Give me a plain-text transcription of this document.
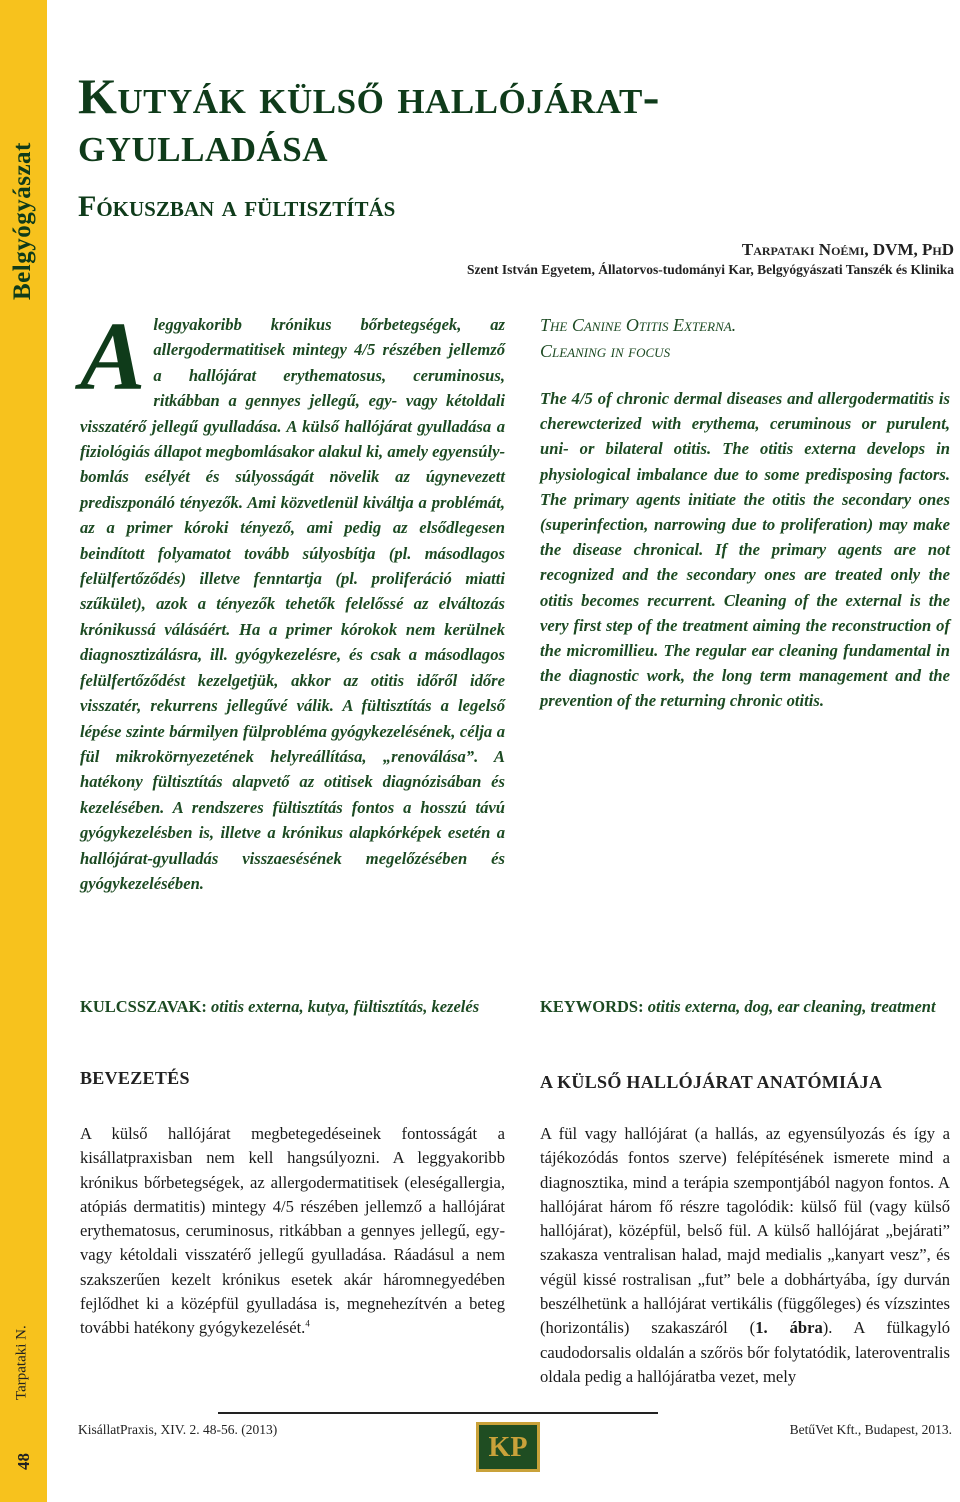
Belgyógyászat
Tarpataki N.
48
Kutyák külső hallójárat-
gyulladása
Fókuszban a fültisztítás
Tarpataki Noémi, DVM, PhD
Szent István Egyetem, Állatorvos-tudományi Kar, Belgyógyászati Tanszék és Klinika

Aleggyakoribb krónikus bőrbetegségek, az allergodermatitisek mintegy 4/5 részében jellemző a hallójárat erythematosus, ceruminosus, ritkábban a gennyes jellegű, egy- vagy kétoldali visszatérő jellegű gyulladása. A külső hallójárat gyulladása a fiziológiás állapot megbomlásakor alakul ki, amely egyensúly-bomlás esélyét és súlyosságát növelik az úgynevezett prediszponáló tényezők. Ami közvetlenül kiváltja a problémát, az a primer kóroki tényező, ami pedig az elsődlegesen beindított folyamatot tovább súlyosbítja (pl. másodlagos felülfertőződés) illetve fenntartja (pl. proliferáció miatti szűkület), azok a tényezők tehetők felelőssé az elváltozás krónikussá válásáért. Ha a primer kórokok nem kerülnek diagnosztizálásra, ill. gyógykezelésre, és csak a másodlagos felülfertőződést kezelgetjük, akkor az otitis időről időre visszatér, rekurrens jellegűvé válik. A fültisztítás a legelső lépése szinte bármilyen fülprobléma gyógykezelésének, célja a fül mikrokörnyezetének helyreállítása, „renoválása”. A hatékony fültisztítás alapvető az otitisek diagnózisában és kezelésében. A rendszeres fültisztítás fontos a hosszú távú gyógykezelésben is, illetve a krónikus alapkórképek esetén a hallójárat-gyulladás visszaesésének megelőzésében és gyógykezelésében.

The Canine Otitis Externa.
Cleaning in focus

The 4/5 of chronic dermal diseases and allergodermatitis is cherewcterized with erythema, ceruminous or purulent, uni- or bilateral otitis. The otitis externa develops in physiological imbalance due to some predisposing factors. The primary agents initiate the otitis the secondary ones (superinfection, narrowing due to proliferation) may make the disease chronical. If the primary agents are not recognized and the secondary ones are treated only the otitis becomes recurrent. Cleaning of the external is the very first step of the treatment aiming the reconstruction of the micromillieu. The regular ear cleaning fundamental in the diagnostic work, the long term management and the prevention of the returning chronic otitis.

KULCSSZAVAK: otitis externa, kutya, fültisztítás, kezelés	KEYWORDS: otitis externa, dog, ear cleaning, treatment

BEVEZETÉS	A KÜLSŐ HALLÓJÁRAT ANATÓMIÁJA

A külső hallójárat megbetegedéseinek fontosságát a kisállatpraxisban nem kell hangsúlyozni. A leggyakoribb krónikus bőrbetegségek, az allergodermatitisek (eleségallergia, atópiás dermatitis) mintegy 4/5 részében jellemző a hallójárat erythematosus, ceruminosus, ritkábban a gennyes jellegű, egy- vagy kétoldali visszatérő jellegű gyulladása. Ráadásul a nem szakszerűen kezelt krónikus esetek akár háromnegyedében fejlődhet ki a középfül gyulladása is, megnehezítvén a beteg további hatékony gyógykezelését.$^4$

A fül vagy hallójárat (a hallás, az egyensúlyozás és így a tájékozódás fontos szerve) felépítésének ismerete mind a diagnosztika, mind a terápia szempontjából nagyon fontos. A hallójárat három fő részre tagolódik: külső fül (vagy külső hallójárat), középfül, belső fül. A külső hallójárat „bejárati” szakasza ventralisan halad, majd medialis „kanyart vesz”, és végül kissé rostralisan „fut” bele a dobhártyába, így durván beszélhetünk a hallójárat vertikális (függőleges) és vízszintes (horizontális) szakaszáról (1. ábra). A fülkagyló caudodorsalis oldalán a szőrös bőr folytatódik, lateroventralis oldala pedig a hallójáratba vezet, mely

KisállatPraxis, XIV. 2. 48-56. (2013)
KP
BetűVet Kft., Budapest, 2013.
